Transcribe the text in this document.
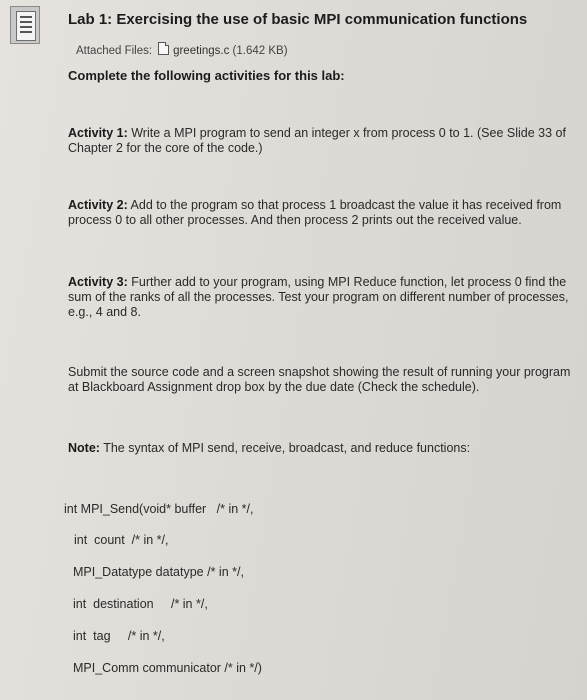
Lab 1: Exercising the use of basic MPI communication functions
Attached Files: greetings.c (1.642 KB)
Complete the following activities for this lab:
Activity 1: Write a MPI program to send an integer x from process 0 to 1. (See Slide 33 of Chapter 2 for the core of the code.)
Activity 2: Add to the program so that process 1 broadcast the value it has received from process 0 to all other processes. And then process 2 prints out the received value.
Activity 3: Further add to your program, using MPI Reduce function, let process 0 find the sum of the ranks of all the processes. Test your program on different number of processes, e.g., 4 and 8.
Submit the source code and a screen snapshot showing the result of running your program at Blackboard Assignment drop box by the due date (Check the schedule).
Note: The syntax of MPI send, receive, broadcast, and reduce functions:
int MPI_Send(void* buffer   /* in */,
int  count  /* in */,
MPI_Datatype datatype /* in */,
int  destination     /* in */,
int  tag     /* in */,
MPI_Comm communicator /* in */)
